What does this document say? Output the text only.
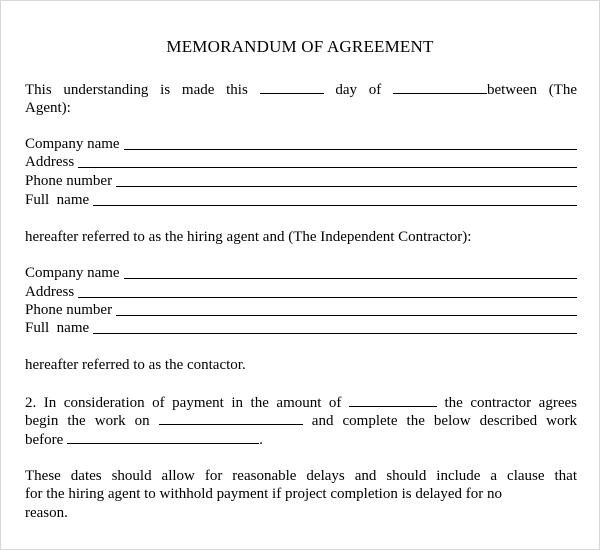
MEMORANDUM OF AGREEMENT
This understanding is made this	day of	between (The
Agent):
Company name
Address
Phone number
Full  name
hereafter referred to as the hiring agent and (The Independent Contractor):
Company name
Address
Phone number
Full  name
hereafter referred to as the contactor.
2. In consideration of payment in the amount of	the contractor agrees
begin the work on	and complete the below described work
before	.
These dates should allow for reasonable delays and should include a clause that
for the hiring agent to withhold payment if project completion is delayed for no
reason.
